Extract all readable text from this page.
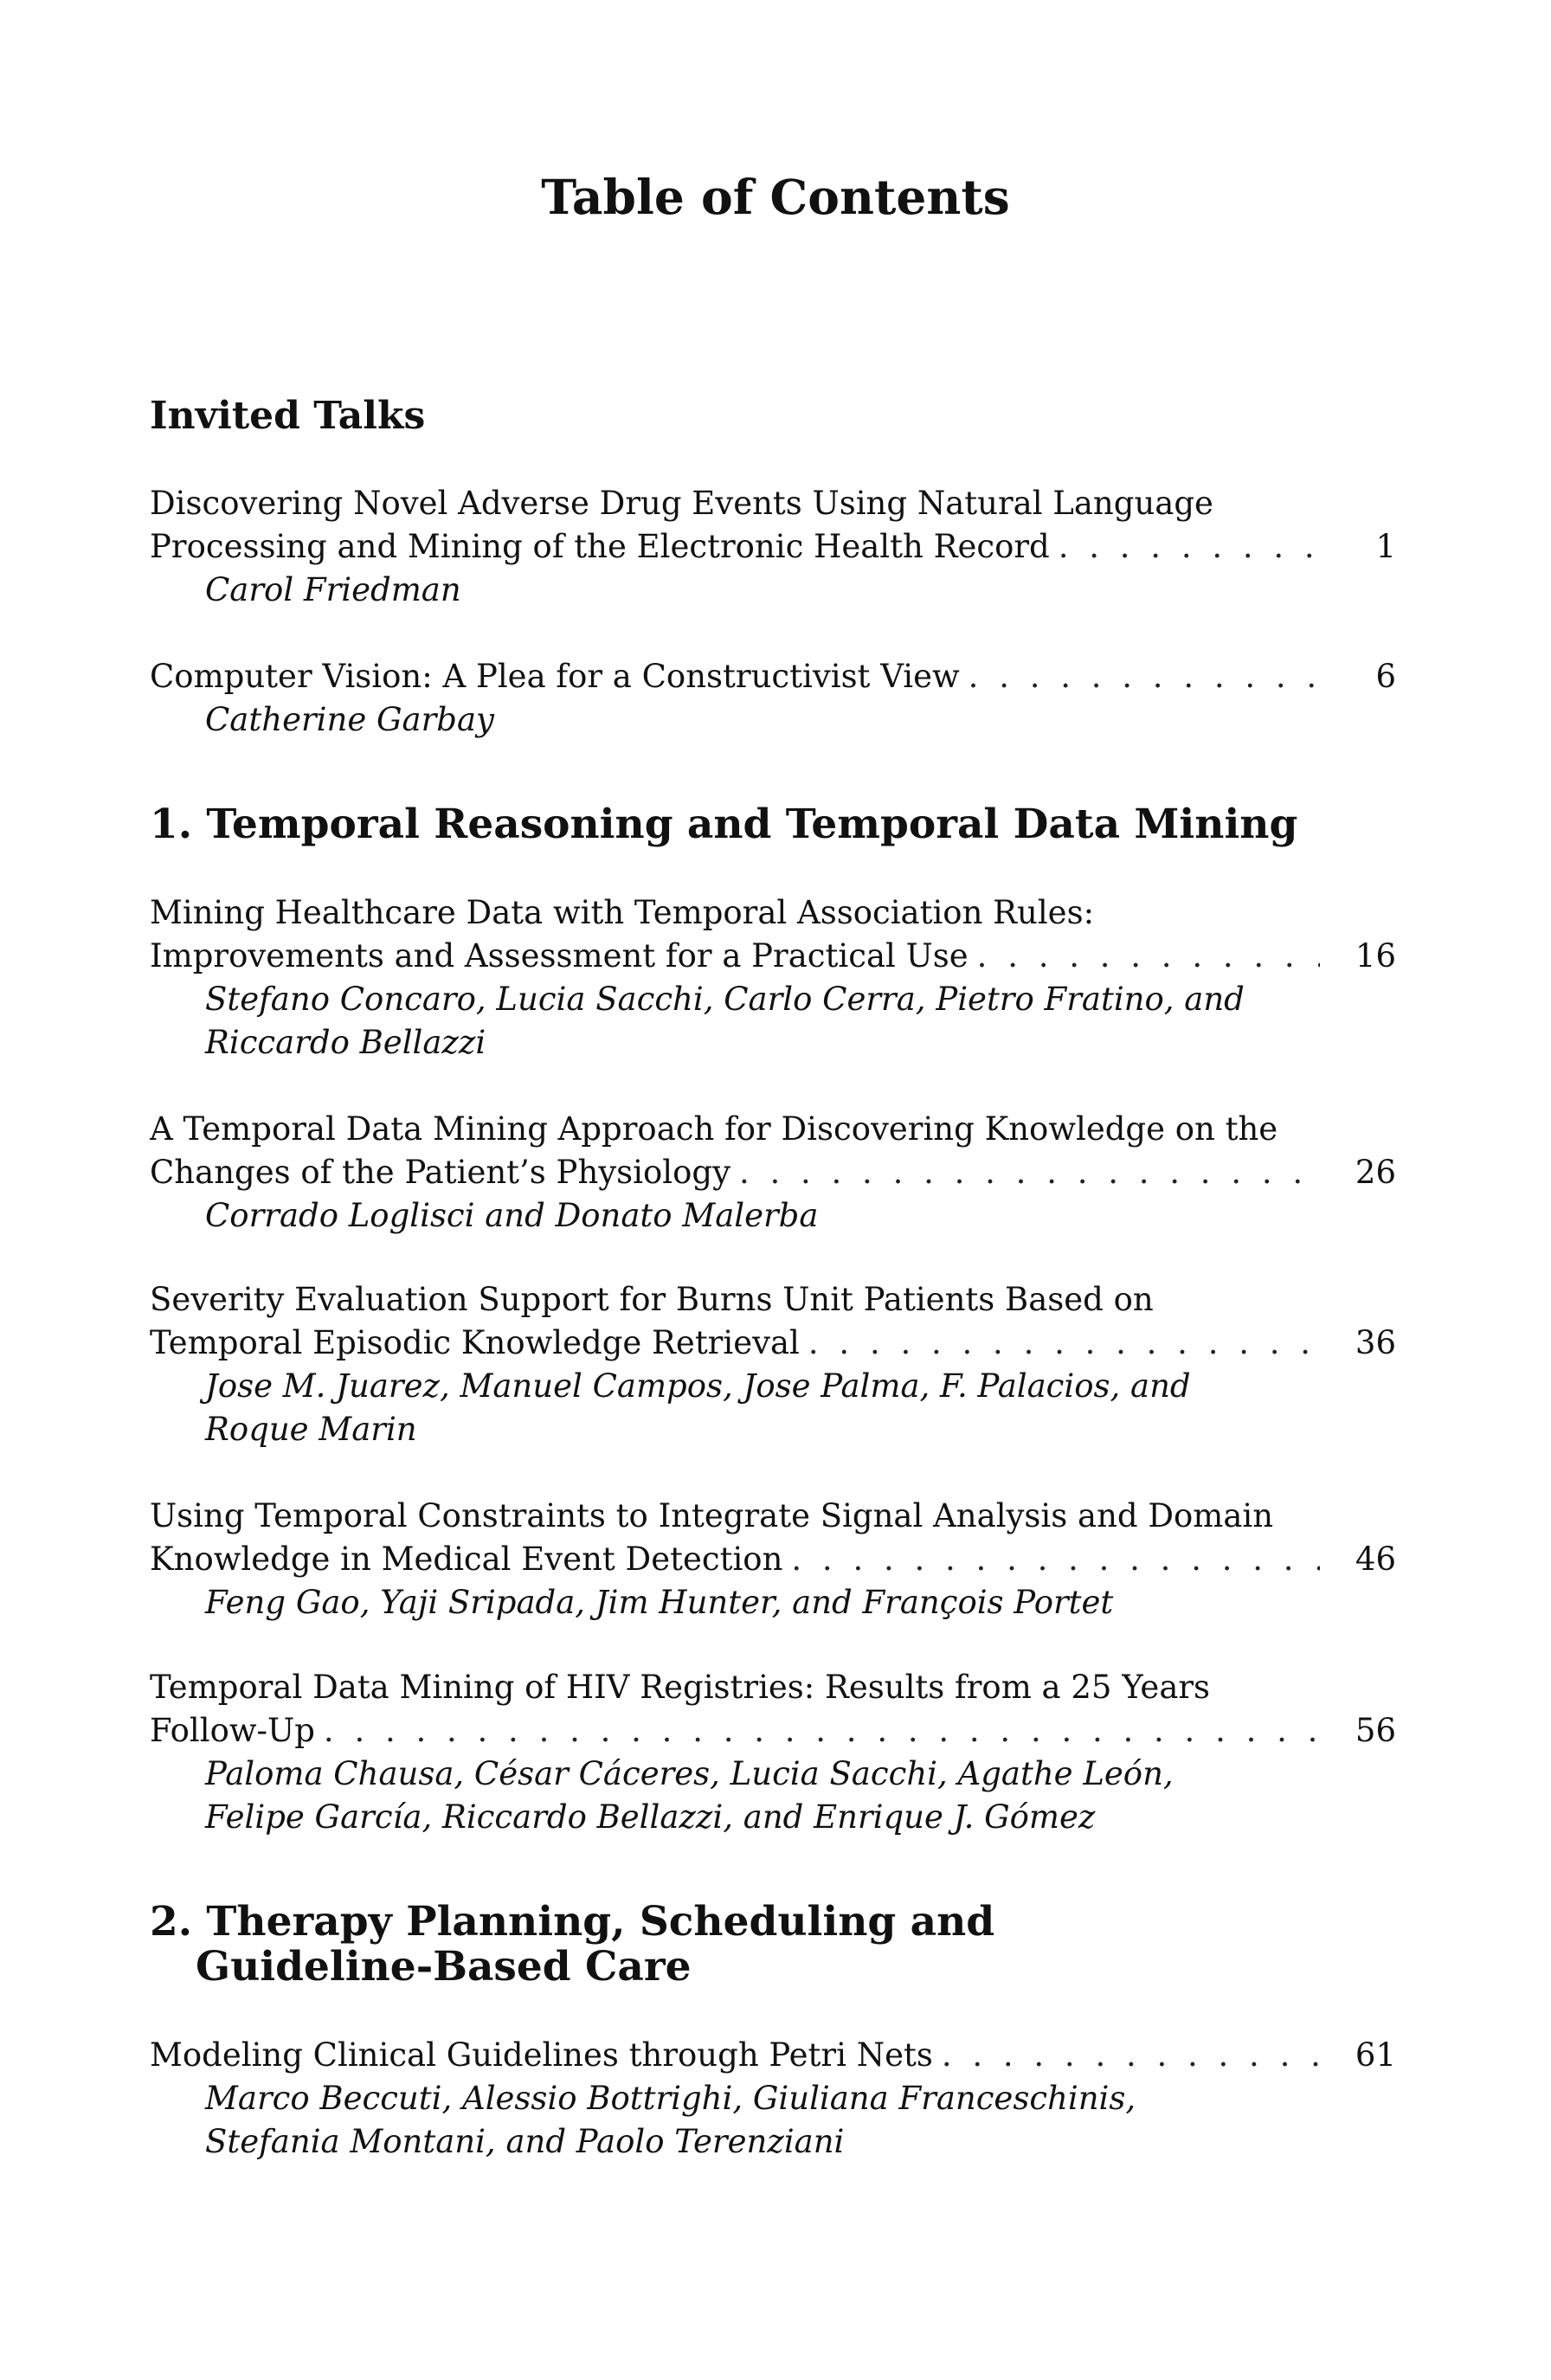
Table of Contents
Invited Talks
Discovering Novel Adverse Drug Events Using Natural Language
Processing and Mining of the Electronic Health Record . . .	1
Carol Friedman
Computer Vision: A Plea for a Constructivist View . . .	6
Catherine Garbay
1. Temporal Reasoning and Temporal Data Mining
Mining Healthcare Data with Temporal Association Rules:
Improvements and Assessment for a Practical Use . . .	16
Stefano Concaro, Lucia Sacchi, Carlo Cerra, Pietro Fratino, and
Riccardo Bellazzi
A Temporal Data Mining Approach for Discovering Knowledge on the
Changes of the Patient’s Physiology . . .	26
Corrado Loglisci and Donato Malerba
Severity Evaluation Support for Burns Unit Patients Based on
Temporal Episodic Knowledge Retrieval . . .	36
Jose M. Juarez, Manuel Campos, Jose Palma, F. Palacios, and
Roque Marin
Using Temporal Constraints to Integrate Signal Analysis and Domain
Knowledge in Medical Event Detection . . .	46
Feng Gao, Yaji Sripada, Jim Hunter, and François Portet
Temporal Data Mining of HIV Registries: Results from a 25 Years
Follow-Up . . .	56
Paloma Chausa, César Cáceres, Lucia Sacchi, Agathe León,
Felipe García, Riccardo Bellazzi, and Enrique J. Gómez
2. Therapy Planning, Scheduling and
Guideline-Based Care
Modeling Clinical Guidelines through Petri Nets . . .	61
Marco Beccuti, Alessio Bottrighi, Giuliana Franceschinis,
Stefania Montani, and Paolo Terenziani
